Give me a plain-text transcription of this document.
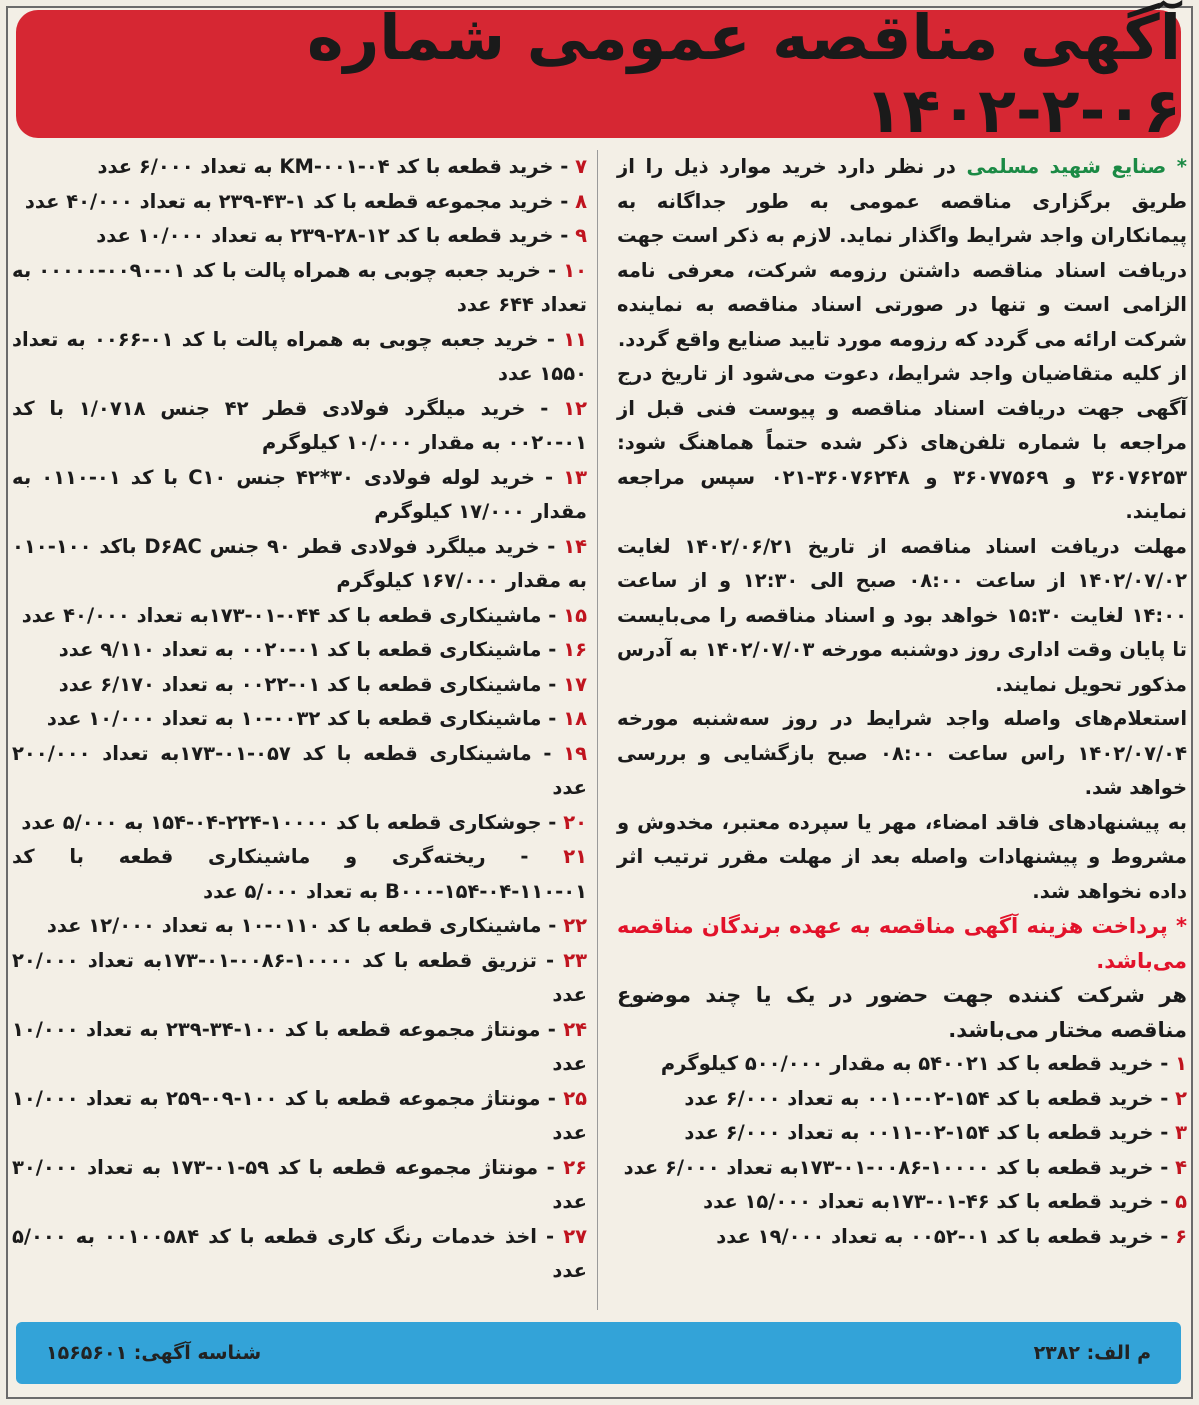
آگهی مناقصه عمومی شماره ۰۶-۲-۱۴۰۲

* صنایع شهید مسلمی در نظر دارد خرید موارد ذیل را از طریق برگزاری مناقصه عمومی به طور جداگانه به پیمانکاران واجد شرایط واگذار نماید. لازم به ذکر است جهت دریافت اسناد مناقصه داشتن رزومه شرکت، معرفی نامه الزامی است و تنها در صورتی اسناد مناقصه به نماینده شرکت ارائه می گردد که رزومه مورد تایید صنایع واقع گردد.

از کلیه متقاضیان واجد شرایط، دعوت می‌شود از تاریخ درج آگهی جهت دریافت اسناد مناقصه و پیوست فنی قبل از مراجعه با شماره تلفن‌های ذکر شده حتماً هماهنگ شود: ۳۶۰۷۶۲۵۳ و ۳۶۰۷۷۵۶۹ و ۳۶۰۷۶۲۴۸-۰۲۱ سپس مراجعه نمایند.

مهلت دریافت اسناد مناقصه از تاریخ ۱۴۰۲/۰۶/۲۱ لغایت ۱۴۰۲/۰۷/۰۲ از ساعت ۰۸:۰۰ صبح الی ۱۲:۳۰ و از ساعت ۱۴:۰۰ لغایت ۱۵:۳۰ خواهد بود و اسناد مناقصه را می‌بایست تا پایان وقت اداری روز دوشنبه مورخه ۱۴۰۲/۰۷/۰۳ به آدرس مذکور تحویل نمایند.

استعلام‌های واصله واجد شرایط در روز سه‌شنبه مورخه ۱۴۰۲/۰۷/۰۴ راس ساعت ۰۸:۰۰ صبح بازگشایی و بررسی خواهد شد.

به پیشنهادهای فاقد امضاء، مهر یا سپرده معتبر، مخدوش و مشروط و پیشنهادات واصله بعد از مهلت مقرر ترتیب اثر داده نخواهد شد.

* پرداخت هزینه آگهی مناقصه به عهده برندگان مناقصه می‌باشد.

هر شرکت کننده جهت حضور در یک یا چند موضوع مناقصه مختار می‌باشد.

۱ - خرید قطعه با کد ۵۴۰۰۲۱ به مقدار ۵۰۰/۰۰۰ کیلوگرم

۲ - خرید قطعه با کد ۱۵۴-۰۲-۰۰۱۰ به تعداد ۶/۰۰۰ عدد

۳ - خرید قطعه با کد ۱۵۴-۰۲-۰۰۱۱ به تعداد ۶/۰۰۰ عدد

۴ - خرید قطعه با کد ۱۰۰۰۰-۰۰۸۶-۰۱-۱۷۳به تعداد ۶/۰۰۰ عدد

۵ - خرید قطعه با کد ۴۶-۰۱-۱۷۳به تعداد ۱۵/۰۰۰ عدد

۶ - خرید قطعه با کد ۰۱-۰۰۵۲ به تعداد ۱۹/۰۰۰ عدد

۷ - خرید قطعه با کد KM-۰۰۱-۰۴ به تعداد ۶/۰۰۰ عدد

۸ - خرید مجموعه قطعه با کد ۱-۴۳-۲۳۹ به تعداد ۴۰/۰۰۰ عدد

۹ - خرید قطعه با کد ۱۲-۲۸-۲۳۹ به تعداد ۱۰/۰۰۰ عدد

۱۰ - خرید جعبه چوبی به همراه پالت با کد ۰۱-۰۰۹۰-۰۰۰۰۰ به تعداد ۶۴۴ عدد

۱۱ - خرید جعبه چوبی به همراه پالت با کد ۰۱-۰۰۶۶ به تعداد ۱۵۵۰ عدد

۱۲ - خرید میلگرد فولادی قطر ۴۲ جنس ۱/۰۷۱۸ با کد ۰۱-۰۰۲۰ به مقدار ۱۰/۰۰۰ کیلوگرم

۱۳ - خرید لوله فولادی ۳۰*۴۲ جنس C۱۰ با کد ۰۱-۰۱۱۰ به مقدار ۱۷/۰۰۰ کیلوگرم

۱۴ - خرید میلگرد فولادی قطر ۹۰ جنس D۶AC باکد ۱۰۰-۰۱۰ به مقدار ۱۶۷/۰۰۰ کیلوگرم

۱۵ - ماشینکاری قطعه با کد ۰۴۴-۰۱-۱۷۳به تعداد ۴۰/۰۰۰ عدد

۱۶ - ماشینکاری قطعه با کد ۰۱-۰۰۲۰ به تعداد ۹/۱۱۰ عدد

۱۷ - ماشینکاری قطعه با کد ۰۱-۰۰۲۲ به تعداد ۶/۱۷۰ عدد

۱۸ - ماشینکاری قطعه با کد ۰۰۳۲-۱۰ به تعداد ۱۰/۰۰۰ عدد

۱۹ - ماشینکاری قطعه با کد ۰۵۷-۰۱-۱۷۳به تعداد ۲۰۰/۰۰۰ عدد

۲۰ - جوشکاری قطعه با کد ۱۰۰۰۰-۲۲۴-۰۴-۱۵۴ به ۵/۰۰۰ عدد

۲۱ - ریخته‌گری و ماشینکاری قطعه با کد B۰۰۰-۱۵۴-۰۴-۱۱۰-۰۱ به تعداد ۵/۰۰۰ عدد

۲۲ - ماشینکاری قطعه با کد ۰۱۱۰-۱۰ به تعداد ۱۲/۰۰۰ عدد

۲۳ - تزریق قطعه با کد ۱۰۰۰۰-۰۰۸۶-۰۱-۱۷۳به تعداد ۲۰/۰۰۰ عدد

۲۴ - مونتاژ مجموعه قطعه با کد ۱۰۰-۳۴-۲۳۹ به تعداد ۱۰/۰۰۰ عدد

۲۵ - مونتاژ مجموعه قطعه با کد ۱۰۰-۰۹-۲۵۹ به تعداد ۱۰/۰۰۰ عدد

۲۶ - مونتاژ مجموعه قطعه با کد ۵۹-۰۱-۱۷۳ به تعداد ۳۰/۰۰۰ عدد

۲۷ - اخذ خدمات رنگ کاری قطعه با کد ۰۰۱۰۰۵۸۴ به ۵/۰۰۰ عدد

م الف: ۲۳۸۲
شناسه آگهی: ۱۵۶۵۶۰۱
